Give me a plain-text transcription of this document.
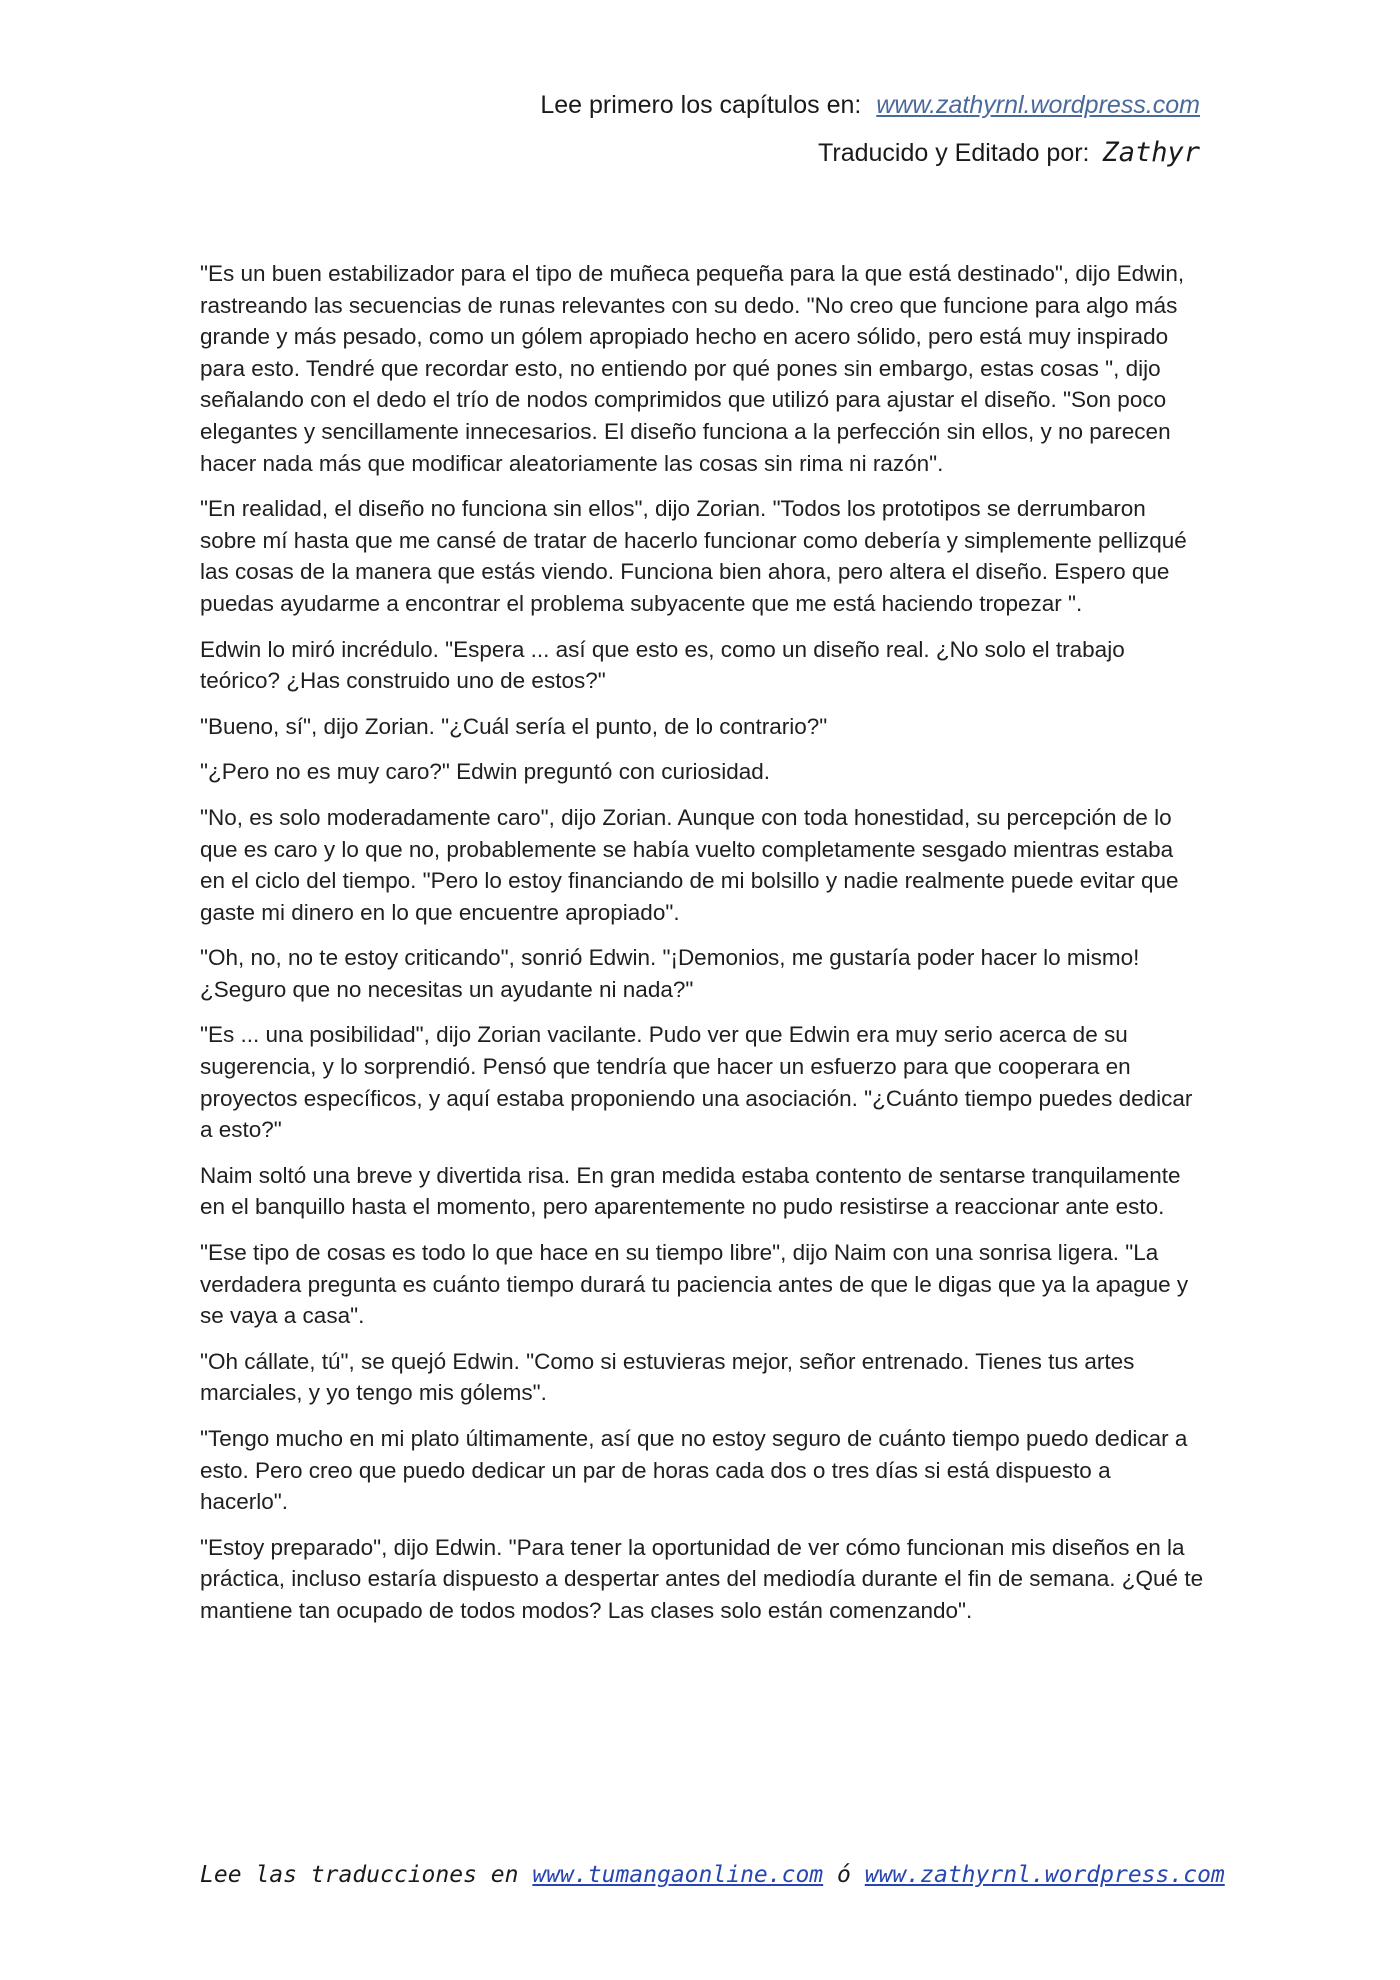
Lee primero los capítulos en: www.zathyrnl.wordpress.com
Traducido y Editado por: Zathyr

"Es un buen estabilizador para el tipo de muñeca pequeña para la que está destinado", dijo Edwin, rastreando las secuencias de runas relevantes con su dedo. "No creo que funcione para algo más grande y más pesado, como un gólem apropiado hecho en acero sólido, pero está muy inspirado para esto. Tendré que recordar esto, no entiendo por qué pones sin embargo, estas cosas ", dijo señalando con el dedo el trío de nodos comprimidos que utilizó para ajustar el diseño. "Son poco elegantes y sencillamente innecesarios. El diseño funciona a la perfección sin ellos, y no parecen hacer nada más que modificar aleatoriamente las cosas sin rima ni razón".

"En realidad, el diseño no funciona sin ellos", dijo Zorian. "Todos los prototipos se derrumbaron sobre mí hasta que me cansé de tratar de hacerlo funcionar como debería y simplemente pellizqué las cosas de la manera que estás viendo. Funciona bien ahora, pero altera el diseño. Espero que puedas ayudarme a encontrar el problema subyacente que me está haciendo tropezar ".

Edwin lo miró incrédulo. "Espera ... así que esto es, como un diseño real. ¿No solo el trabajo teórico? ¿Has construido uno de estos?"

"Bueno, sí", dijo Zorian. "¿Cuál sería el punto, de lo contrario?"

"¿Pero no es muy caro?" Edwin preguntó con curiosidad.

"No, es solo moderadamente caro", dijo Zorian. Aunque con toda honestidad, su percepción de lo que es caro y lo que no, probablemente se había vuelto completamente sesgado mientras estaba en el ciclo del tiempo. "Pero lo estoy financiando de mi bolsillo y nadie realmente puede evitar que gaste mi dinero en lo que encuentre apropiado".

"Oh, no, no te estoy criticando", sonrió Edwin. "¡Demonios, me gustaría poder hacer lo mismo! ¿Seguro que no necesitas un ayudante ni nada?"

"Es ... una posibilidad", dijo Zorian vacilante. Pudo ver que Edwin era muy serio acerca de su sugerencia, y lo sorprendió. Pensó que tendría que hacer un esfuerzo para que cooperara en proyectos específicos, y aquí estaba proponiendo una asociación. "¿Cuánto tiempo puedes dedicar a esto?"

Naim soltó una breve y divertida risa. En gran medida estaba contento de sentarse tranquilamente en el banquillo hasta el momento, pero aparentemente no pudo resistirse a reaccionar ante esto.

"Ese tipo de cosas es todo lo que hace en su tiempo libre", dijo Naim con una sonrisa ligera. "La verdadera pregunta es cuánto tiempo durará tu paciencia antes de que le digas que ya la apague y se vaya a casa".

"Oh cállate, tú", se quejó Edwin. "Como si estuvieras mejor, señor entrenado. Tienes tus artes marciales, y yo tengo mis gólems".

"Tengo mucho en mi plato últimamente, así que no estoy seguro de cuánto tiempo puedo dedicar a esto. Pero creo que puedo dedicar un par de horas cada dos o tres días si está dispuesto a hacerlo".

"Estoy preparado", dijo Edwin. "Para tener la oportunidad de ver cómo funcionan mis diseños en la práctica, incluso estaría dispuesto a despertar antes del mediodía durante el fin de semana. ¿Qué te mantiene tan ocupado de todos modos? Las clases solo están comenzando".

Lee las traducciones en www.tumangaonline.com ó www.zathyrnl.wordpress.com
